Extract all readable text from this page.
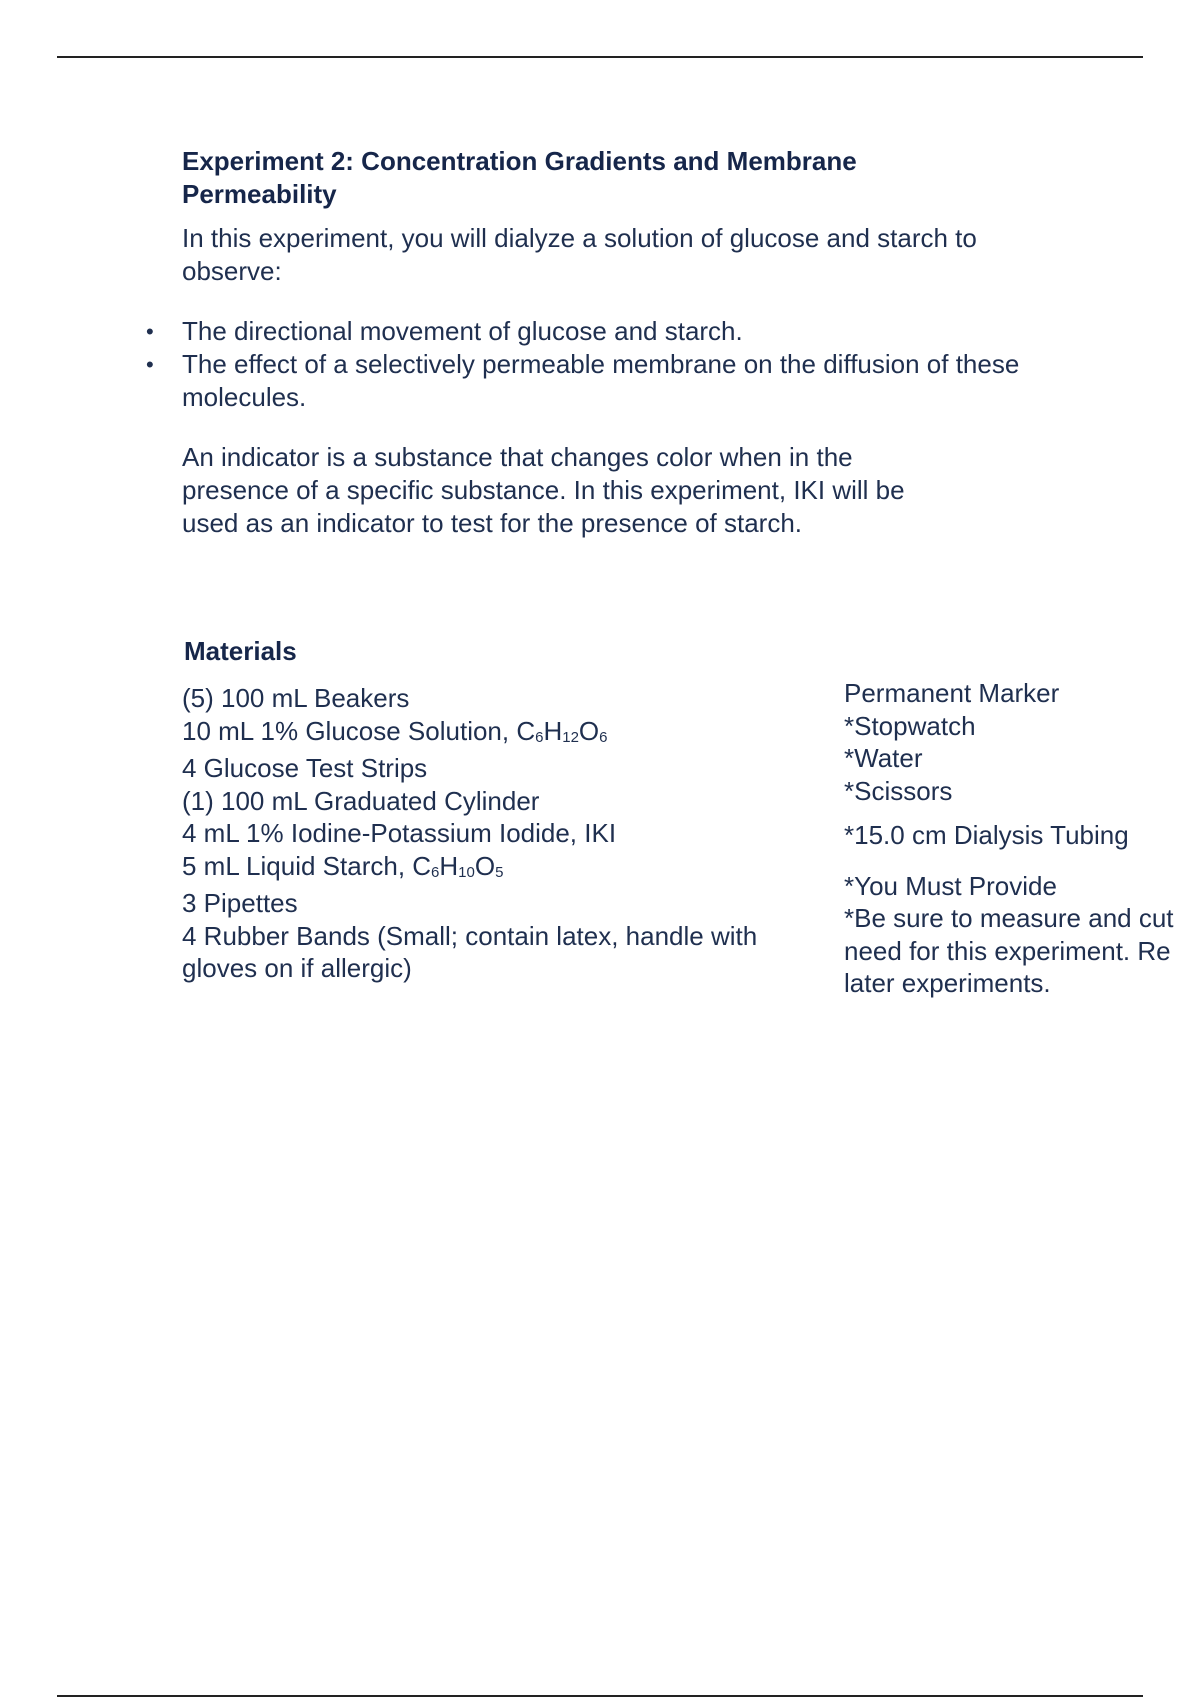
Experiment 2: Concentration Gradients and Membrane Permeability
In this experiment, you will dialyze a solution of glucose and starch to observe:
• The directional movement of glucose and starch.
• The effect of a selectively permeable membrane on the diffusion of these molecules.
An indicator is a substance that changes color when in the
presence of a specific substance. In this experiment, IKI will be
used as an indicator to test for the presence of starch.
Materials
(5) 100 mL Beakers
10 mL 1% Glucose Solution, $C_6H_{12}O_6$
4 Glucose Test Strips
(1) 100 mL Graduated Cylinder
4 mL 1% Iodine-Potassium Iodide, IKI
5 mL Liquid Starch, $C_6H_{10}O_5$
3 Pipettes
4 Rubber Bands (Small; contain latex, handle with gloves on if allergic)
Permanent Marker
*Stopwatch
*Water
*Scissors
*15.0 cm Dialysis Tubing
*You Must Provide
*Be sure to measure and cut
need for this experiment. Re
later experiments.
